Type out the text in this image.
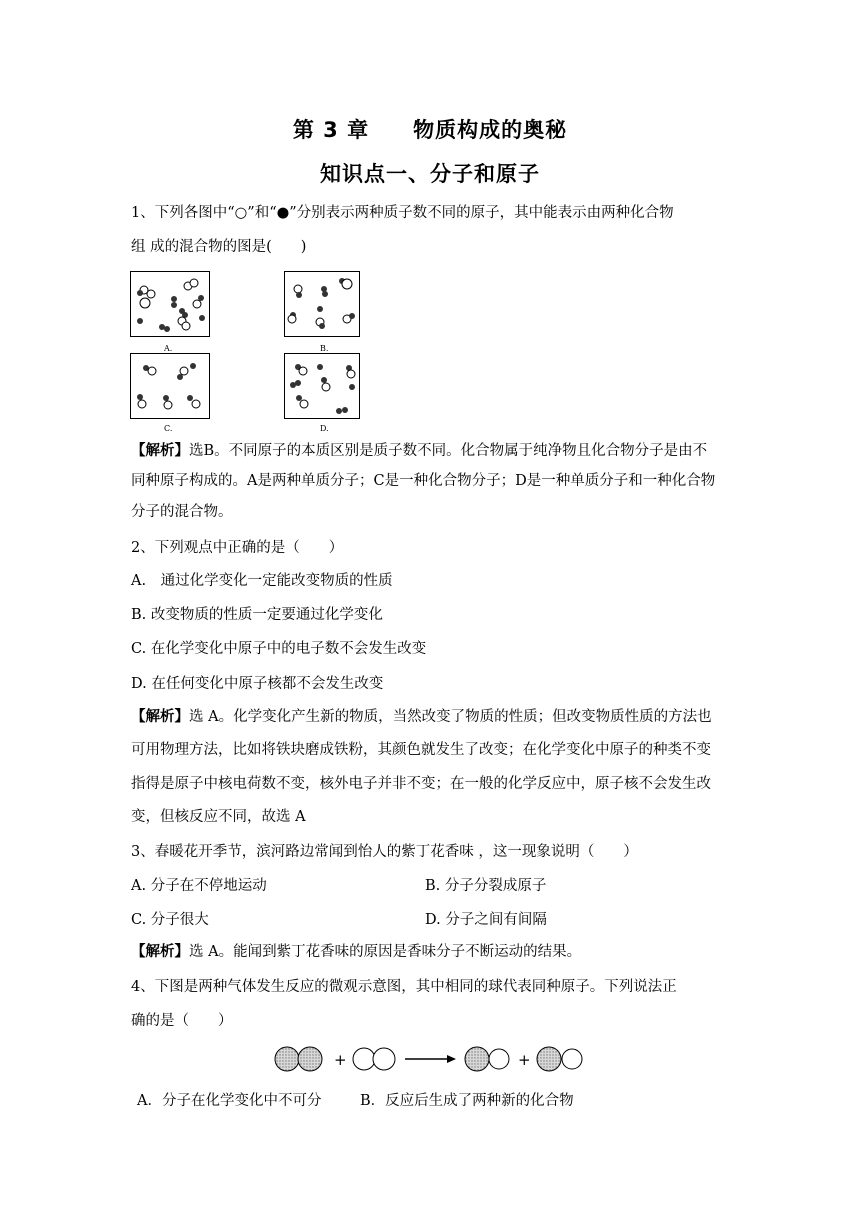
第 3 章　　物质构成的奥秘
知识点一、分子和原子
1、下列各图中“○”和“●”分别表示两种质子数不同的原子，其中能表示由两种化合物
组 成的混合物的图是(　　)
A.	B.
C.	D.
【解析】选B。不同原子的本质区别是质子数不同。化合物属于纯净物且化合物分子是由不
同种原子构成的。A是两种单质分子；C是一种化合物分子；D是一种单质分子和一种化合物
分子的混合物。
2、下列观点中正确的是（　　）
A.　通过化学变化一定能改变物质的性质
B. 改变物质的性质一定要通过化学变化
C. 在化学变化中原子中的电子数不会发生改变
D. 在任何变化中原子核都不会发生改变
【解析】选 A。化学变化产生新的物质，当然改变了物质的性质；但改变物质性质的方法也
可用物理方法，比如将铁块磨成铁粉，其颜色就发生了改变；在化学变化中原子的种类不变
指得是原子中核电荷数不变，核外电子并非不变；在一般的化学反应中，原子核不会发生改
变，但核反应不同，故选 A
3、春暖花开季节，滨河路边常闻到怡人的紫丁花香味 ，这一现象说明（　　）
A. 分子在不停地运动	B. 分子分裂成原子
C. 分子很大	D. 分子之间有间隔
【解析】选 A。能闻到紫丁花香味的原因是香味分子不断运动的结果。
4、下图是两种气体发生反应的微观示意图，其中相同的球代表同种原子。下列说法正
确的是（　　）
+	+
A．分子在化学变化中不可分	B．反应后生成了两种新的化合物
